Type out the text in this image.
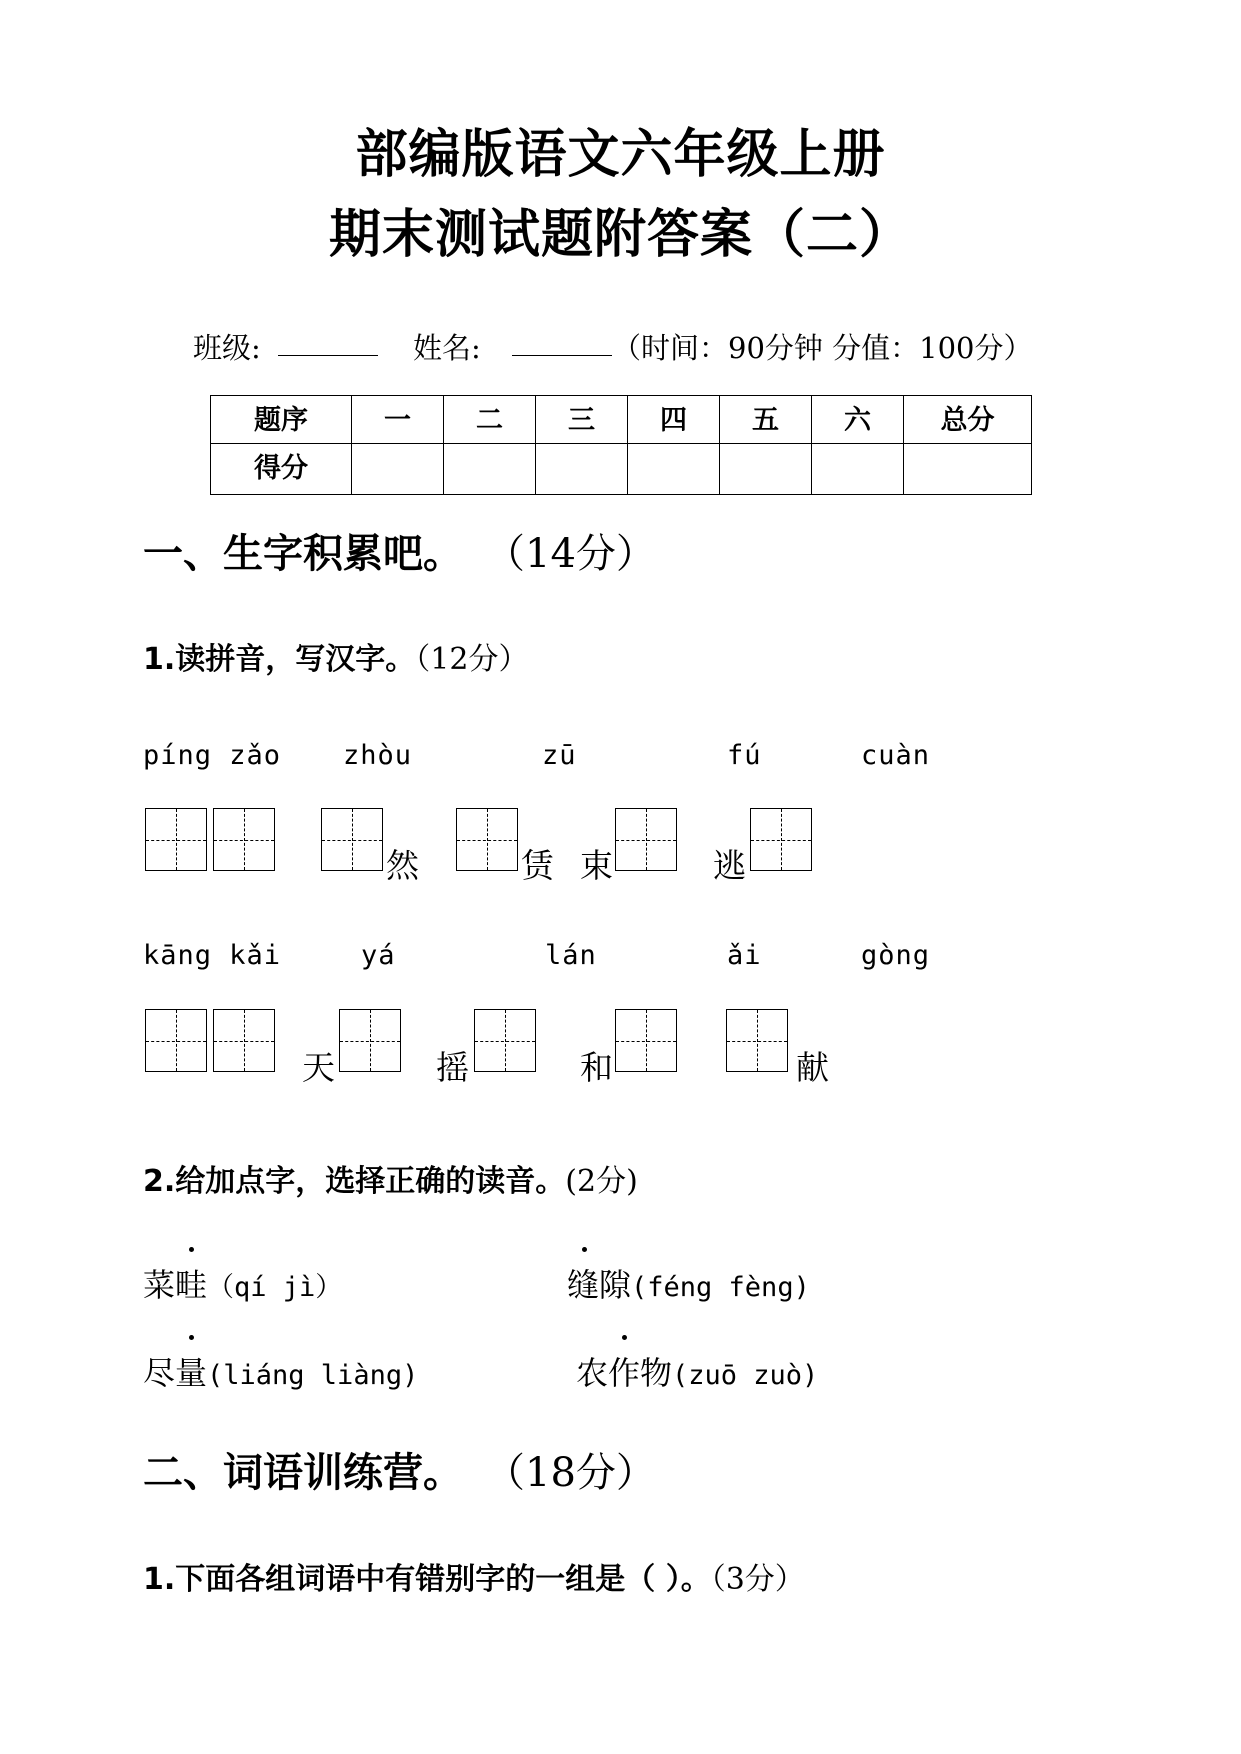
部编版语文六年级上册
期末测试题附答案（二）
班级:	姓名:	（时间：90分钟 分值：100分）
题序	一	二	三	四	五	六	总分
得分							
一、生字积累吧。 （14分）
1.读拼音，写汉字。（12分）
píng zǎo zhòu	zū	fú	cuàn
然	赁 束	逃
kāng kǎi	yá	lán	ǎi	gòng
天	摇	和	献
2.给加点字，选择正确的读音。(2分)
菜畦（qí jì）	缝隙(féng fèng)
尽量(liáng liàng)	农作物(zuō zuò)
二、词语训练营。 （18分）
1.下面各组词语中有错别字的一组是（ ）。（3分）
